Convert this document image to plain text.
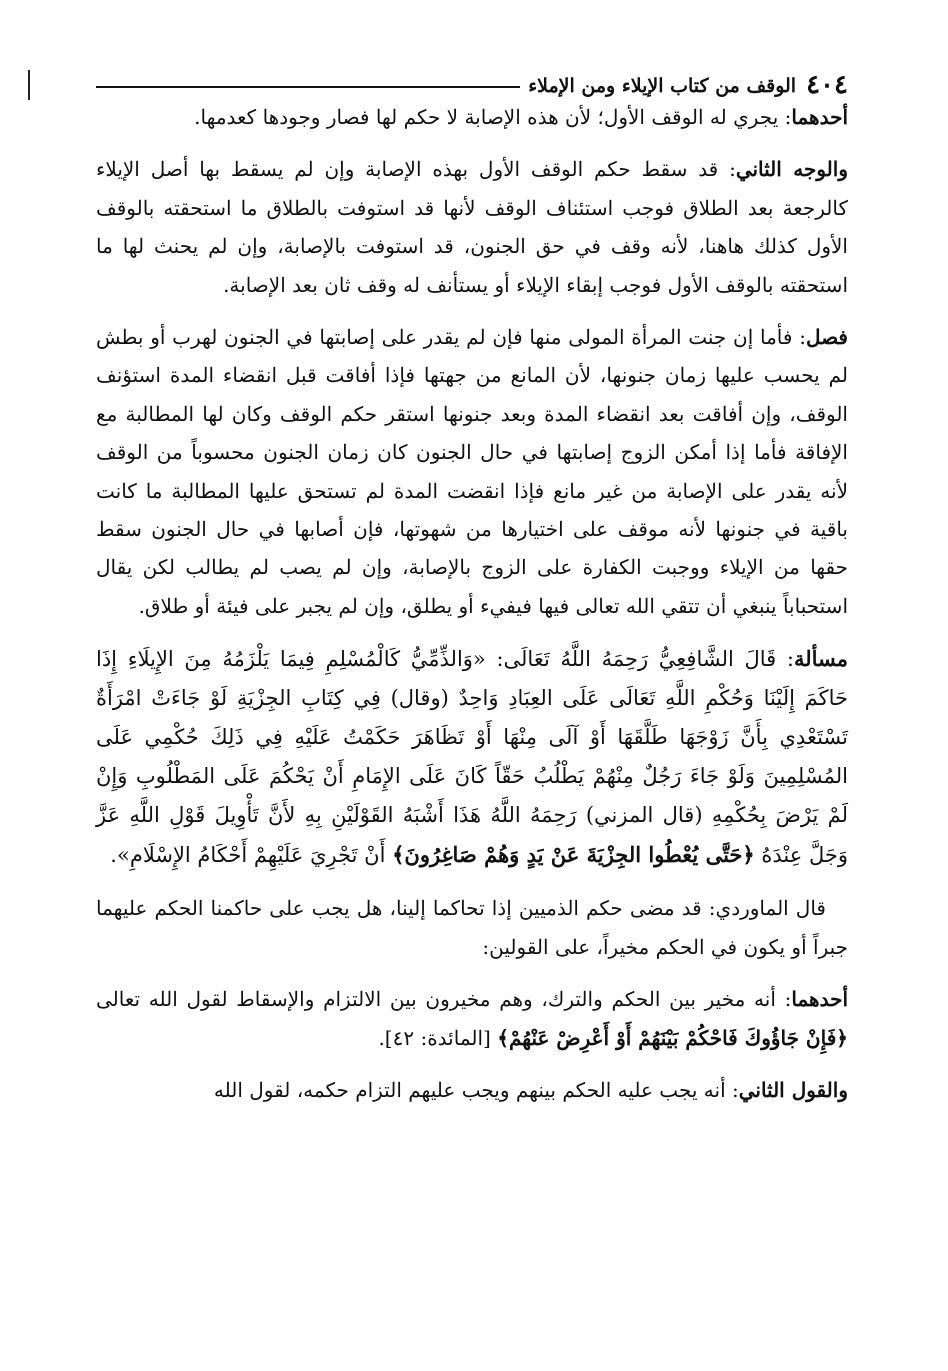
٤٠٤
الوقف من كتاب الإيلاء ومن الإملاء

أحدهما: يجري له الوقف الأول؛ لأن هذه الإصابة لا حكم لها فصار وجودها كعدمها.

والوجه الثاني: قد سقط حكم الوقف الأول بهذه الإصابة وإن لم يسقط بها أصل الإيلاء كالرجعة بعد الطلاق فوجب استئناف الوقف لأنها قد استوفت بالطلاق ما استحقته بالوقف الأول كذلك هاهنا، لأنه وقف في حق الجنون، قد استوفت بالإصابة، وإن لم يحنث لها ما استحقته بالوقف الأول فوجب إبقاء الإيلاء أو يستأنف له وقف ثان بعد الإصابة.

فصل: فأما إن جنت المرأة المولى منها فإن لم يقدر على إصابتها في الجنون لهرب أو بطش لم يحسب عليها زمان جنونها، لأن المانع من جهتها فإذا أفاقت قبل انقضاء المدة استؤنف الوقف، وإن أفاقت بعد انقضاء المدة وبعد جنونها استقر حكم الوقف وكان لها المطالبة مع الإفاقة فأما إذا أمكن الزوج إصابتها في حال الجنون كان زمان الجنون محسوباً من الوقف لأنه يقدر على الإصابة من غير مانع فإذا انقضت المدة لم تستحق عليها المطالبة ما كانت باقية في جنونها لأنه موقف على اختيارها من شهوتها، فإن أصابها في حال الجنون سقط حقها من الإيلاء ووجبت الكفارة على الزوج بالإصابة، وإن لم يصب لم يطالب لكن يقال استحباباً ينبغي أن تتقي الله تعالى فيها فيفيء أو يطلق، وإن لم يجبر على فيئة أو طلاق.

مسألة: قَالَ الشَّافِعِيُّ رَحِمَهُ اللَّهُ تَعَالَى: «وَالذِّمِّيُّ كَالْمُسْلِمِ فِيمَا يَلْزَمُهُ مِنَ الإِيلَاءِ إِذَا حَاكَمَ إِلَيْنَا وَحُكْمِ اللَّهِ تَعَالَى عَلَى العِبَادِ وَاحِدٌ (وقال) فِي كِتَابِ الجِزْيَةِ لَوْ جَاءَتْ امْرَأَةٌ تَسْتَعْدِي بِأَنَّ زَوْجَهَا طَلَّقَهَا أَوْ آلَى مِنْهَا أَوْ تَظَاهَرَ حَكَمْتُ عَلَيْهِ فِي ذَلِكَ حُكْمِي عَلَى المُسْلِمِينَ وَلَوْ جَاءَ رَجُلٌ مِنْهُمْ يَطْلُبُ حَقّاً كَانَ عَلَى الإِمَامِ أَنْ يَحْكُمَ عَلَى المَطْلُوبِ وَإِنْ لَمْ يَرْضَ بِحُكْمِهِ (قال المزني) رَحِمَهُ اللَّهُ هَذَا أَشْبَهُ القَوْلَيْنِ بِهِ لأَنَّ تَأْوِيلَ قَوْلِ اللَّهِ عَزَّ وَجَلَّ عِنْدَهُ ﴿حَتَّى يُعْطُوا الجِزْيَةَ عَنْ يَدٍ وَهُمْ صَاغِرُونَ﴾ أَنْ تَجْرِيَ عَلَيْهِمْ أَحْكَامُ الإِسْلَامِ».

قال الماوردي: قد مضى حكم الذميين إذا تحاكما إلينا، هل يجب على حاكمنا الحكم عليهما جبراً أو يكون في الحكم مخيراً، على القولين:

أحدهما: أنه مخير بين الحكم والترك، وهم مخيرون بين الالتزام والإسقاط لقول الله تعالى ﴿فَإِنْ جَاؤُوكَ فَاحْكُمْ بَيْنَهُمْ أَوْ أَعْرِضْ عَنْهُمْ﴾ [المائدة: ٤٢].

والقول الثاني: أنه يجب عليه الحكم بينهم ويجب عليهم التزام حكمه، لقول الله
